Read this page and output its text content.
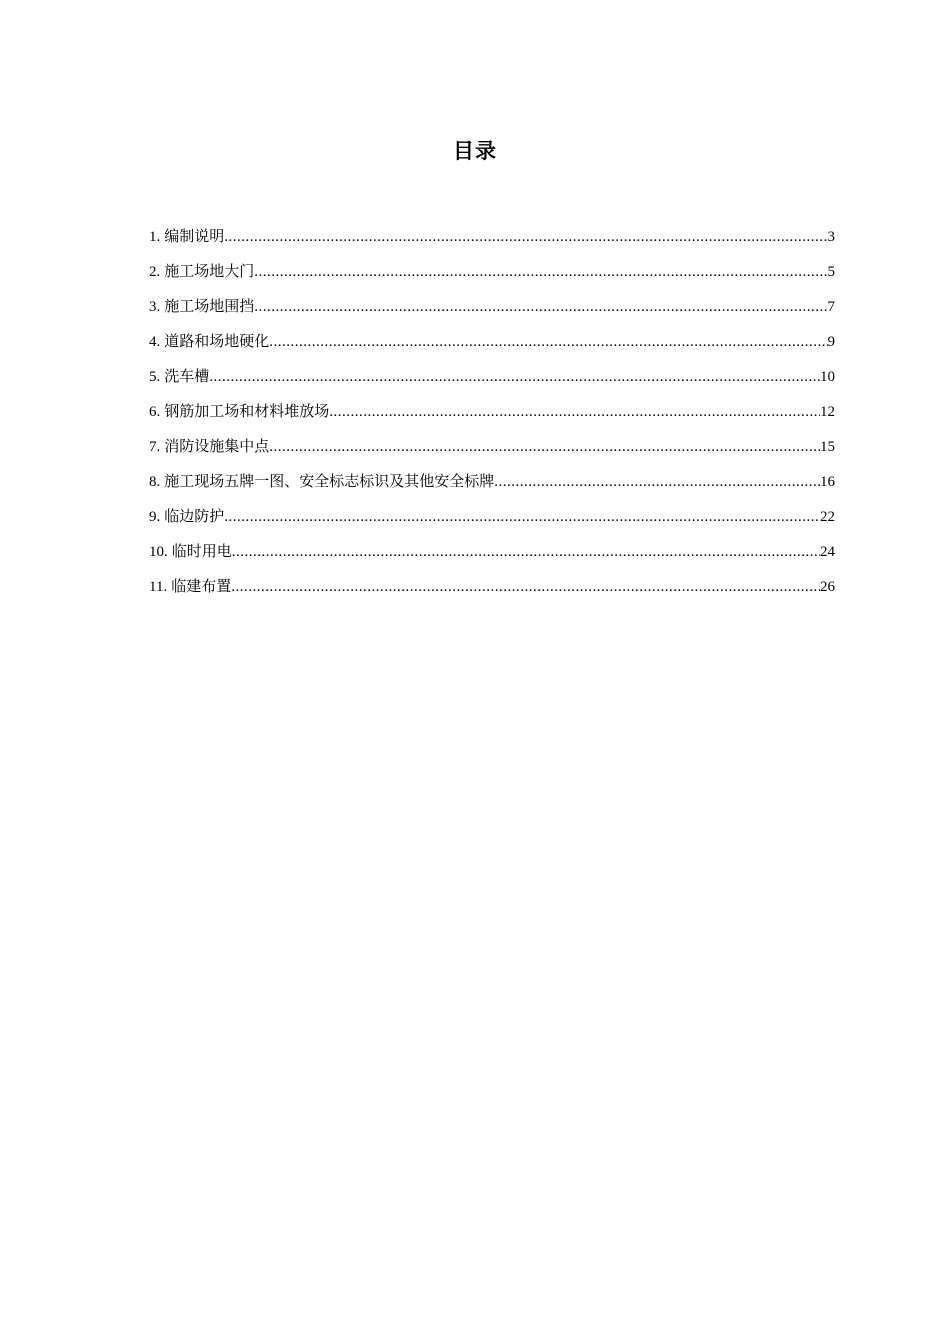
目录
1. 编制说明 .....	3
2. 施工场地大门 .....	5
3. 施工场地围挡 .....	7
4. 道路和场地硬化 .....	9
5. 洗车槽 .....	10
6. 钢筋加工场和材料堆放场 .....	12
7. 消防设施集中点 .....	15
8. 施工现场五牌一图、安全标志标识及其他安全标牌 .....	16
9. 临边防护 .....	22
10. 临时用电 .....	24
11. 临建布置 .....	26
